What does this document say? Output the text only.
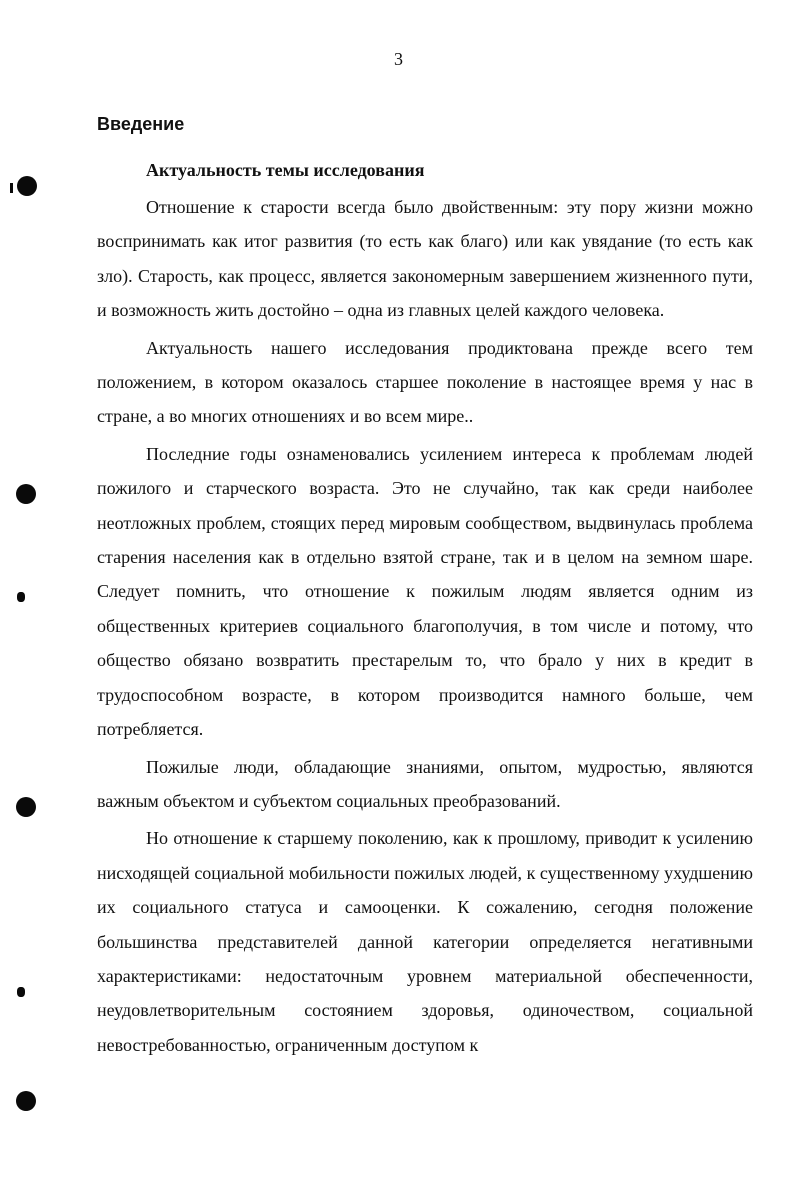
3
Введение
Актуальность темы исследования

Отношение к старости всегда было двойственным: эту пору жизни можно воспринимать как итог развития (то есть как благо) или как увядание (то есть как зло). Старость, как процесс, является закономерным завершением жизненного пути, и возможность жить достойно – одна из главных целей каждого человека.

Актуальность нашего исследования продиктована прежде всего тем положением, в котором оказалось старшее поколение в настоящее время у нас в стране, а во многих отношениях и во всем мире..

Последние годы ознаменовались усилением интереса к проблемам людей пожилого и старческого возраста. Это не случайно, так как среди наиболее неотложных проблем, стоящих перед мировым сообществом, выдвинулась проблема старения населения как в отдельно взятой стране, так и в целом на земном шаре. Следует помнить, что отношение к пожилым людям является одним из общественных критериев социального благополучия, в том числе и потому, что общество обязано возвратить престарелым то, что брало у них в кредит в трудоспособном возрасте, в котором производится намного больше, чем потребляется.

Пожилые люди, обладающие знаниями, опытом, мудростью, являются важным объектом и субъектом социальных преобразований.

Но отношение к старшему поколению, как к прошлому, приводит к усилению нисходящей социальной мобильности пожилых людей, к существенному ухудшению их социального статуса и самооценки. К сожалению, сегодня положение большинства представителей данной категории определяется негативными характеристиками: недостаточным уровнем материальной обеспеченности, неудовлетворительным состоянием здоровья, одиночеством, социальной невостребованностью, ограниченным доступом к
